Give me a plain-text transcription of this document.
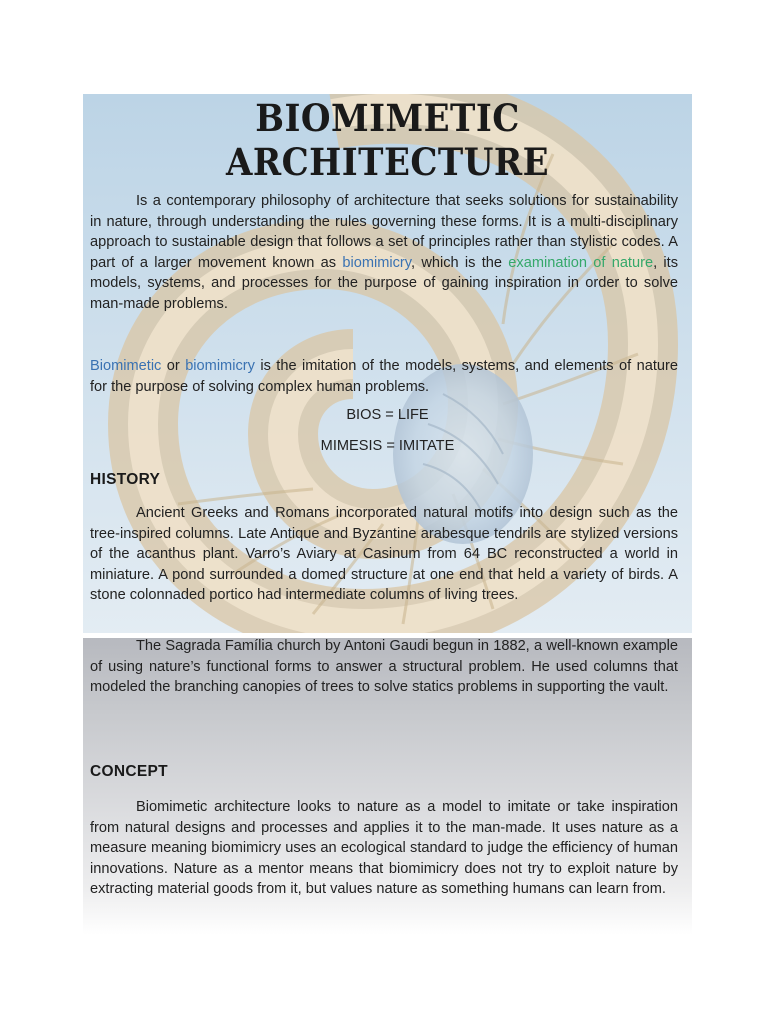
BIOMIMETIC ARCHITECTURE

Is a contemporary philosophy of architecture that seeks solutions for sustainability in nature, through understanding the rules governing these forms. It is a multi-disciplinary approach to sustainable design that follows a set of principles rather than stylistic codes. A part of a larger movement known as biomimicry, which is the examination of nature, its models, systems, and processes for the purpose of gaining inspiration in order to solve man-made problems.

Biomimetic or biomimicry is the imitation of the models, systems, and elements of nature for the purpose of solving complex human problems.

BIOS = LIFE

MIMESIS = IMITATE

HISTORY

Ancient Greeks and Romans incorporated natural motifs into design such as the tree-inspired columns. Late Antique and Byzantine arabesque tendrils are stylized versions of the acanthus plant. Varro’s Aviary at Casinum from 64 BC reconstructed a world in miniature. A pond surrounded a domed structure at one end that held a variety of birds. A stone colonnaded portico had intermediate columns of living trees.

The Sagrada Família church by Antoni Gaudi begun in 1882, a well-known example of using nature’s functional forms to answer a structural problem. He used columns that modeled the branching canopies of trees to solve statics problems in supporting the vault.

CONCEPT

Biomimetic architecture looks to nature as a model to imitate or take inspiration from natural designs and processes and applies it to the man-made. It uses nature as a measure meaning biomimicry uses an ecological standard to judge the efficiency of human innovations. Nature as a mentor means that biomimicry does not try to exploit nature by extracting material goods from it, but values nature as something humans can learn from.
